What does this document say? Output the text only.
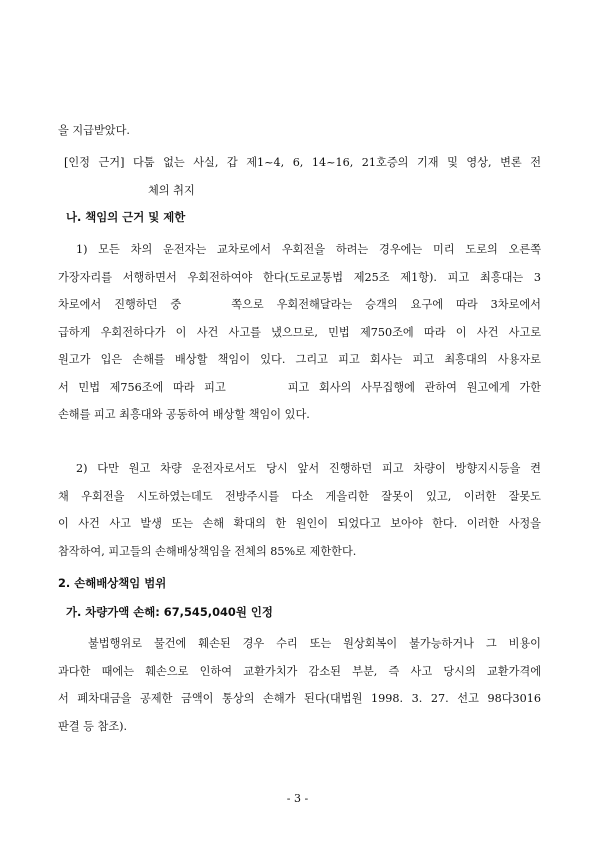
을 지급받았다.
[인정 근거] 다툼 없는 사실, 갑 제1~4, 6, 14~16, 21호증의 기재 및 영상, 변론 전
체의 취지
나. 책임의 근거 및 제한
1) 모든 차의 운전자는 교차로에서 우회전을 하려는 경우에는 미리 도로의 오른쪽
가장자리를 서행하면서 우회전하여야 한다(도로교통법 제25조 제1항). 피고 최흥대는 3
차로에서 진행하던 중	쪽으로 우회전해달라는 승객의 요구에 따라 3차로에서
급하게 우회전하다가 이 사건 사고를 냈으므로, 민법 제750조에 따라 이 사건 사고로
원고가 입은 손해를 배상할 책임이 있다. 그리고 피고 회사는 피고 최흥대의 사용자로
서 민법 제756조에 따라 피고	피고 회사의 사무집행에 관하여 원고에게 가한
손해를 피고 최흥대와 공동하여 배상할 책임이 있다.
2) 다만 원고 차량 운전자로서도 당시 앞서 진행하던 피고 차량이 방향지시등을 켠
채 우회전을 시도하였는데도 전방주시를 다소 게을리한 잘못이 있고, 이러한 잘못도
이 사건 사고 발생 또는 손해 확대의 한 원인이 되었다고 보아야 한다. 이러한 사정을
참작하여, 피고들의 손해배상책임을 전체의 85%로 제한한다.
2. 손해배상책임 범위
가. 차량가액 손해: 67,545,040원 인정
불법행위로 물건에 훼손된 경우 수리 또는 원상회복이 불가능하거나 그 비용이
과다한 때에는 훼손으로 인하여 교환가치가 감소된 부분, 즉 사고 당시의 교환가격에
서 폐차대금을 공제한 금액이 통상의 손해가 된다(대법원 1998. 3. 27. 선고 98다3016
판결 등 참조).
- 3 -
